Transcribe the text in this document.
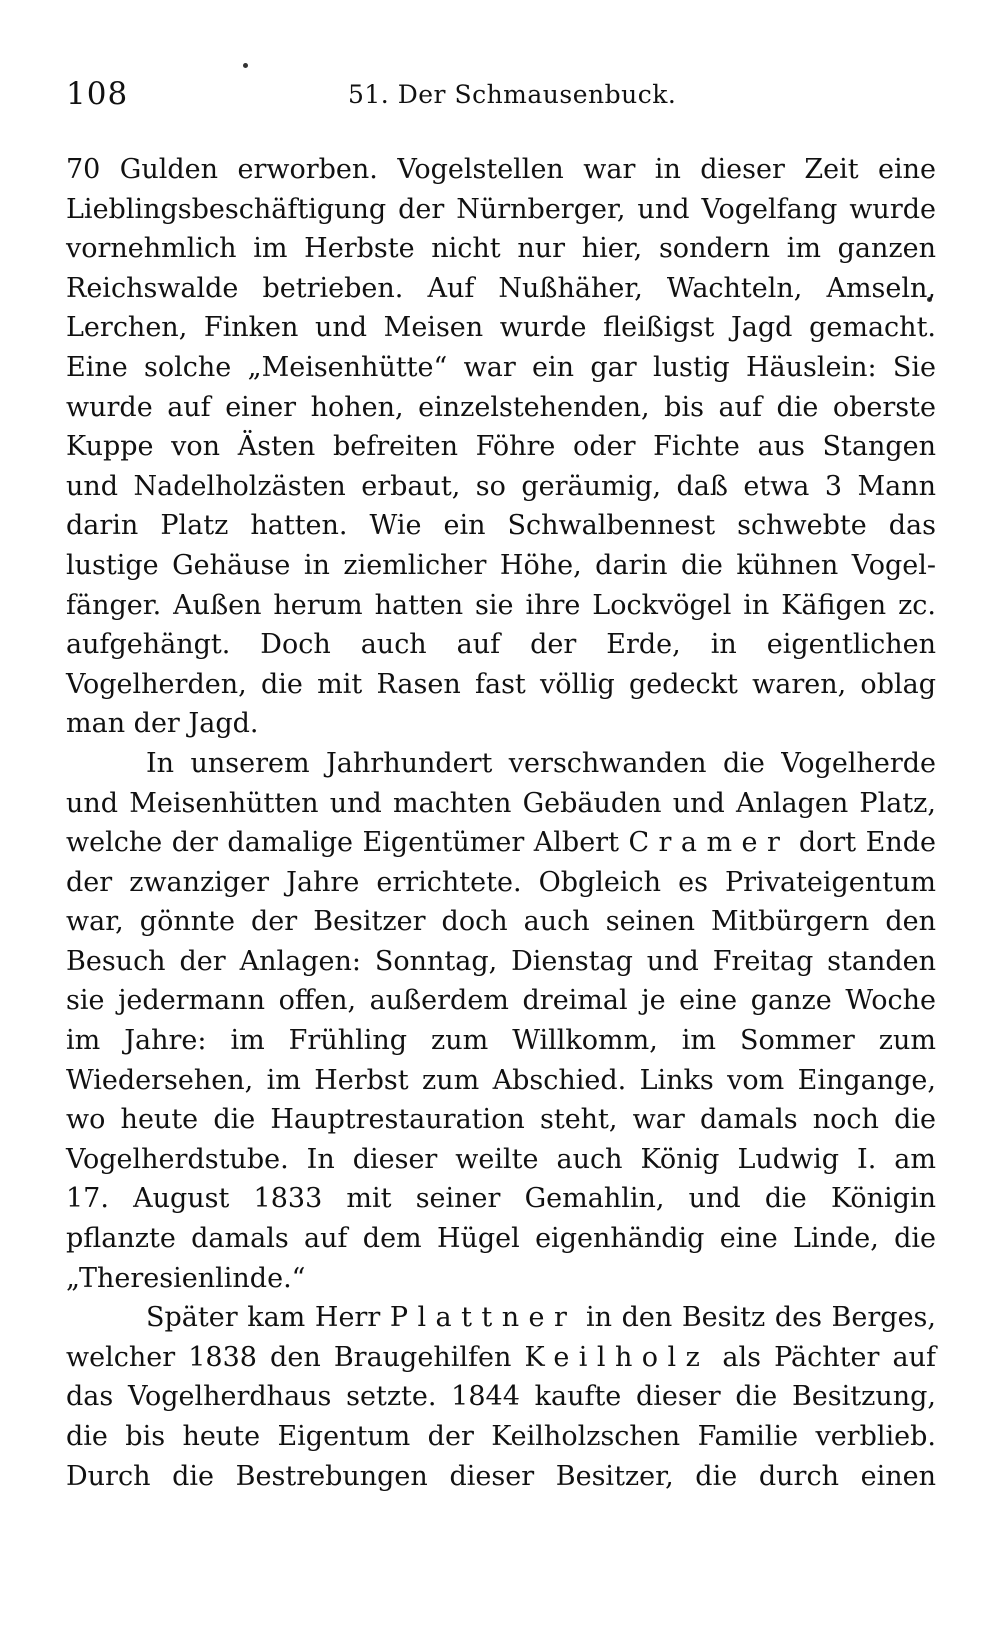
108	51. Der Schmausenbuck.
70 Gulden erworben. Vogelstellen war in dieser Zeit eine
Lieblingsbeschäftigung der Nürnberger, und Vogelfang wurde
vornehmlich im Herbste nicht nur hier, sondern im ganzen
Reichswalde betrieben. Auf Nußhäher, Wachteln, Amseln,
Lerchen, Finken und Meisen wurde fleißigst Jagd gemacht.
Eine solche „Meisenhütte“ war ein gar lustig Häuslein: Sie
wurde auf einer hohen, einzelstehenden, bis auf die oberste
Kuppe von Ästen befreiten Föhre oder Fichte aus Stangen
und Nadelholzästen erbaut, so geräumig, daß etwa 3 Mann
darin Platz hatten. Wie ein Schwalbennest schwebte das
lustige Gehäuse in ziemlicher Höhe, darin die kühnen Vogel-
fänger. Außen herum hatten sie ihre Lockvögel in Käfigen zc.
aufgehängt. Doch auch auf der Erde, in eigentlichen
Vogelherden, die mit Rasen fast völlig gedeckt waren, oblag
man der Jagd.
In unserem Jahrhundert verschwanden die Vogelherde
und Meisenhütten und machten Gebäuden und Anlagen Platz,
welche der damalige Eigentümer Albert Cramer dort Ende
der zwanziger Jahre errichtete. Obgleich es Privateigentum
war, gönnte der Besitzer doch auch seinen Mitbürgern den
Besuch der Anlagen: Sonntag, Dienstag und Freitag standen
sie jedermann offen, außerdem dreimal je eine ganze Woche
im Jahre: im Frühling zum Willkomm, im Sommer zum
Wiedersehen, im Herbst zum Abschied. Links vom Eingange,
wo heute die Hauptrestauration steht, war damals noch die
Vogelherdstube. In dieser weilte auch König Ludwig I. am
17. August 1833 mit seiner Gemahlin, und die Königin
pflanzte damals auf dem Hügel eigenhändig eine Linde, die
„Theresienlinde.“
Später kam Herr Plattner in den Besitz des Berges,
welcher 1838 den Braugehilfen Keilholz als Pächter auf
das Vogelherdhaus setzte. 1844 kaufte dieser die Besitzung,
die bis heute Eigentum der Keilholzschen Familie verblieb.
Durch die Bestrebungen dieser Besitzer, die durch einen
